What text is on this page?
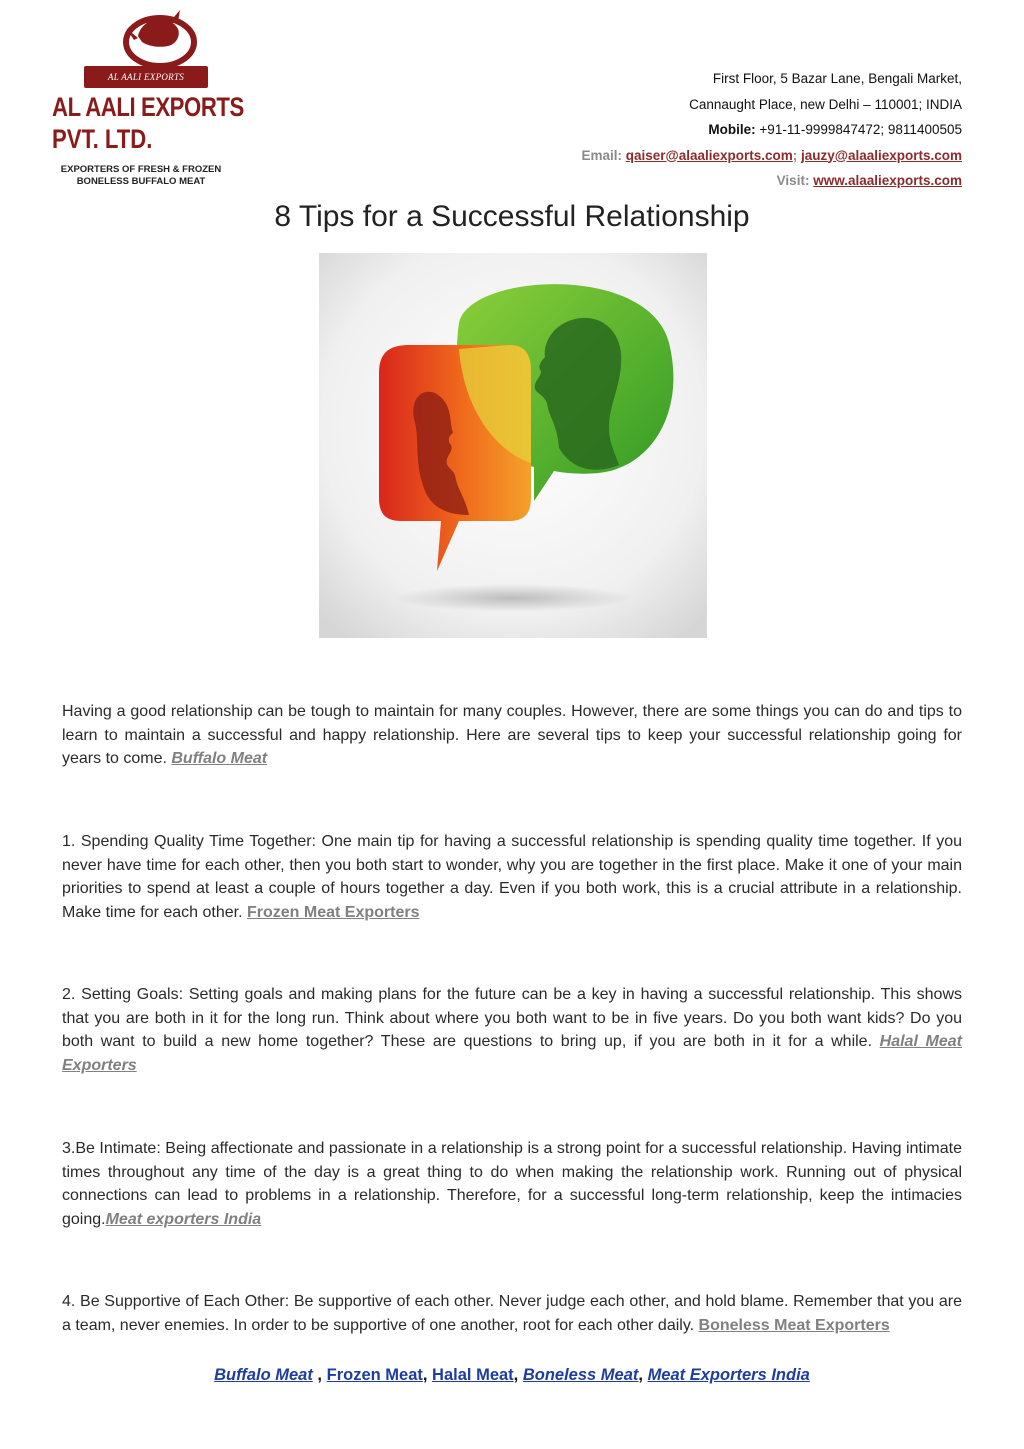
AL AALI EXPORTS
AL AALI EXPORTS
PVT. LTD.
EXPORTERS OF FRESH & FROZEN
BONELESS BUFFALO MEAT
First Floor, 5 Bazar Lane, Bengali Market,
Cannaught Place, new Delhi – 110001; INDIA
Mobile: +91-11-9999847472; 9811400505
Email: qaiser@alaaliexports.com; jauzy@alaaliexports.com
Visit: www.alaaliexports.com
8 Tips for a Successful Relationship
Having a good relationship can be tough to maintain for many couples. However, there are some things you can do and tips to learn to maintain a successful and happy relationship. Here are several tips to keep your successful relationship going for years to come. Buffalo Meat
1. Spending Quality Time Together: One main tip for having a successful relationship is spending quality time together. If you never have time for each other, then you both start to wonder, why you are together in the first place. Make it one of your main priorities to spend at least a couple of hours together a day. Even if you both work, this is a crucial attribute in a relationship. Make time for each other. Frozen Meat Exporters
2. Setting Goals: Setting goals and making plans for the future can be a key in having a successful relationship. This shows that you are both in it for the long run. Think about where you both want to be in five years. Do you both want kids? Do you both want to build a new home together? These are questions to bring up, if you are both in it for a while. Halal Meat Exporters
3.Be Intimate: Being affectionate and passionate in a relationship is a strong point for a successful relationship. Having intimate times throughout any time of the day is a great thing to do when making the relationship work. Running out of physical connections can lead to problems in a relationship. Therefore, for a successful long-term relationship, keep the intimacies going.Meat exporters India
4. Be Supportive of Each Other: Be supportive of each other. Never judge each other, and hold blame. Remember that you are a team, never enemies. In order to be supportive of one another, root for each other daily. Boneless Meat Exporters
Buffalo Meat , Frozen Meat, Halal Meat, Boneless Meat, Meat Exporters India
